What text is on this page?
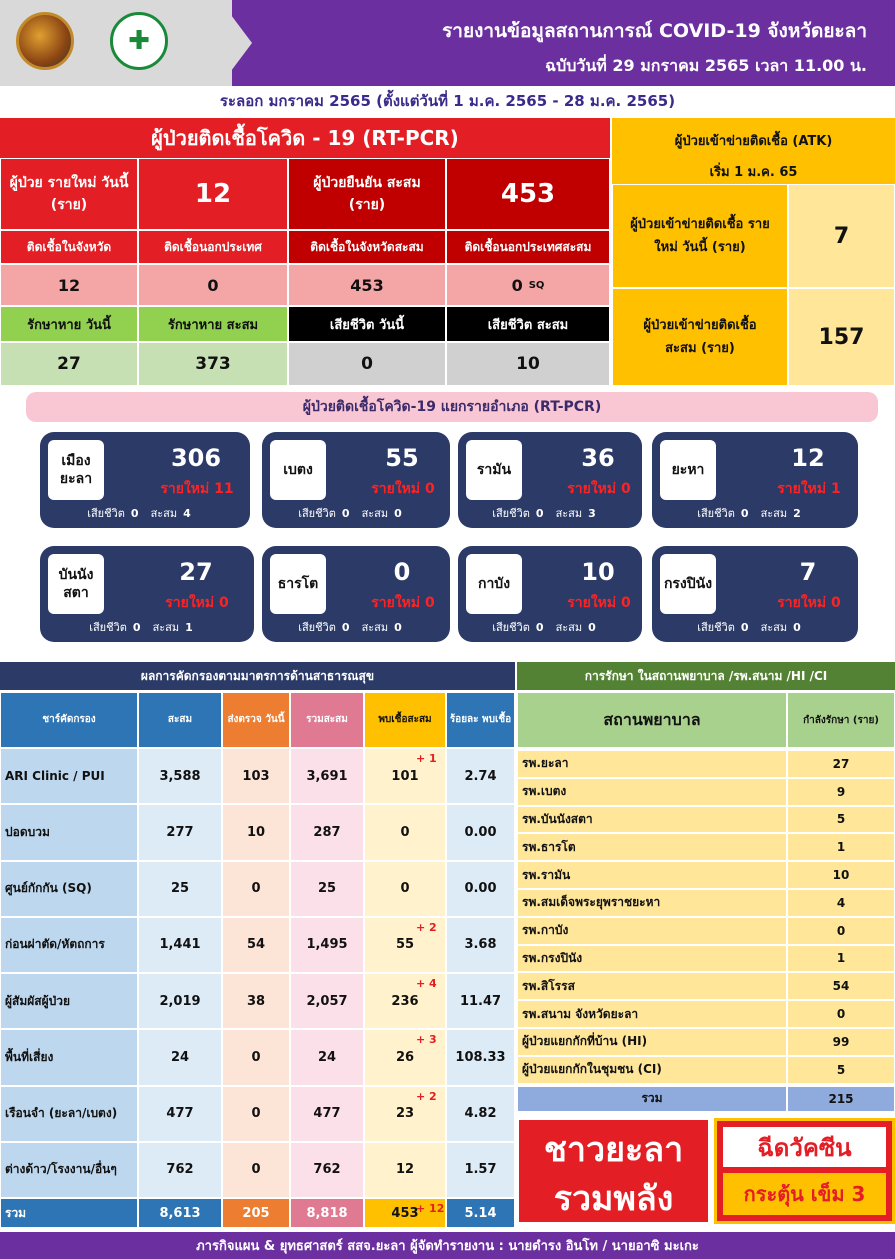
✚	รายงานข้อมูลสถานการณ์ COVID-19 จังหวัดยะลา
ฉบับวันที่ 29 มกราคม 2565 เวลา 11.00 น.
ระลอก มกราคม 2565 (ตั้งแต่วันที่ 1 ม.ค. 2565 - 28 ม.ค. 2565)
ผู้ป่วยติดเชื้อโควิด - 19 (RT-PCR)
ผู้ป่วย รายใหม่ วันนี้ (ราย)	12	ผู้ป่วยยืนยัน สะสม (ราย)	453
ติดเชื้อในจังหวัด	ติดเชื้อนอกประเทศ	ติดเชื้อในจังหวัดสะสม	ติดเชื้อนอกประเทศสะสม
12	0	453	0 SQ
รักษาหาย วันนี้	รักษาหาย สะสม	เสียชีวิต วันนี้	เสียชีวิต สะสม
27	373	0	10
ผู้ป่วยเข้าข่ายติดเชื้อ (ATK)
เริ่ม 1 ม.ค. 65
ผู้ป่วยเข้าข่ายติดเชื้อ รายใหม่ วันนี้ (ราย)	7
ผู้ป่วยเข้าข่ายติดเชื้อ สะสม (ราย)	157
ผู้ป่วยติดเชื้อโควิด-19 แยกรายอำเภอ (RT-PCR)
เมือง ยะลา
306
รายใหม่ 11
เสียชีวิต 0 สะสม 4
เบตง	55
รายใหม่ 0
เสียชีวิต 0 สะสม 0
รามัน	36
รายใหม่ 0
เสียชีวิต 0 สะสม 3
ยะหา	12
รายใหม่ 1
เสียชีวิต 0 สะสม 2
บันนัง สตา
27
รายใหม่ 0
เสียชีวิต 0 สะสม 1
ธารโต	0
รายใหม่ 0
เสียชีวิต 0 สะสม 0
กาบัง	10
รายใหม่ 0
เสียชีวิต 0 สะสม 0
กรงปินัง	7
รายใหม่ 0
เสียชีวิต 0 สะสม 0
ผลการคัดกรองตามมาตรการด้านสาธารณสุข
ชาร์คัดกรอง	สะสม	ส่งตรวจ วันนี้	รวมสะสม	พบเชื้อสะสม	ร้อยละ พบเชื้อ
ARI Clinic / PUI	3,588	103	3,691	101	2.74
+ 1
ปอดบวม	277	10	287	0	0.00
ศูนย์กักกัน (SQ)	25	0	25	0	0.00
ก่อนผ่าตัด/หัตถการ	1,441	54	1,495	55	3.68
+ 2
ผู้สัมผัสผู้ป่วย	2,019	38	2,057	236	11.47
+ 4
พื้นที่เสี่ยง	24	0	24	26	108.33
+ 3
เรือนจำ (ยะลา/เบตง)	477	0	477	23	4.82
+ 2
ต่างด้าว/โรงงาน/อื่นๆ	762	0	762	12	1.57
รวม	8,613	205	8,818	453	5.14
+ 12
การรักษา ในสถานพยาบาล /รพ.สนาม /HI /CI
สถานพยาบาล	กำลังรักษา (ราย)
รพ.ยะลา	27
รพ.เบตง	9
รพ.บันนังสตา	5
รพ.ธารโต	1
รพ.รามัน	10
รพ.สมเด็จพระยุพราชยะหา	4
รพ.กาบัง	0
รพ.กรงปินัง	1
รพ.สิโรรส	54
รพ.สนาม จังหวัดยะลา	0
ผู้ป่วยแยกกักที่บ้าน (HI)	99
ผู้ป่วยแยกกักในชุมชน (CI)	5
รวม	215
ชาวยะลา
รวมพลัง
ฉีดวัคซีน
กระตุ้น เข็ม 3
ภารกิจแผน & ยุทธศาสตร์ สสจ.ยะลา ผู้จัดทำรายงาน : นายดำรง อินโท / นายอาซิ มะเกะ
